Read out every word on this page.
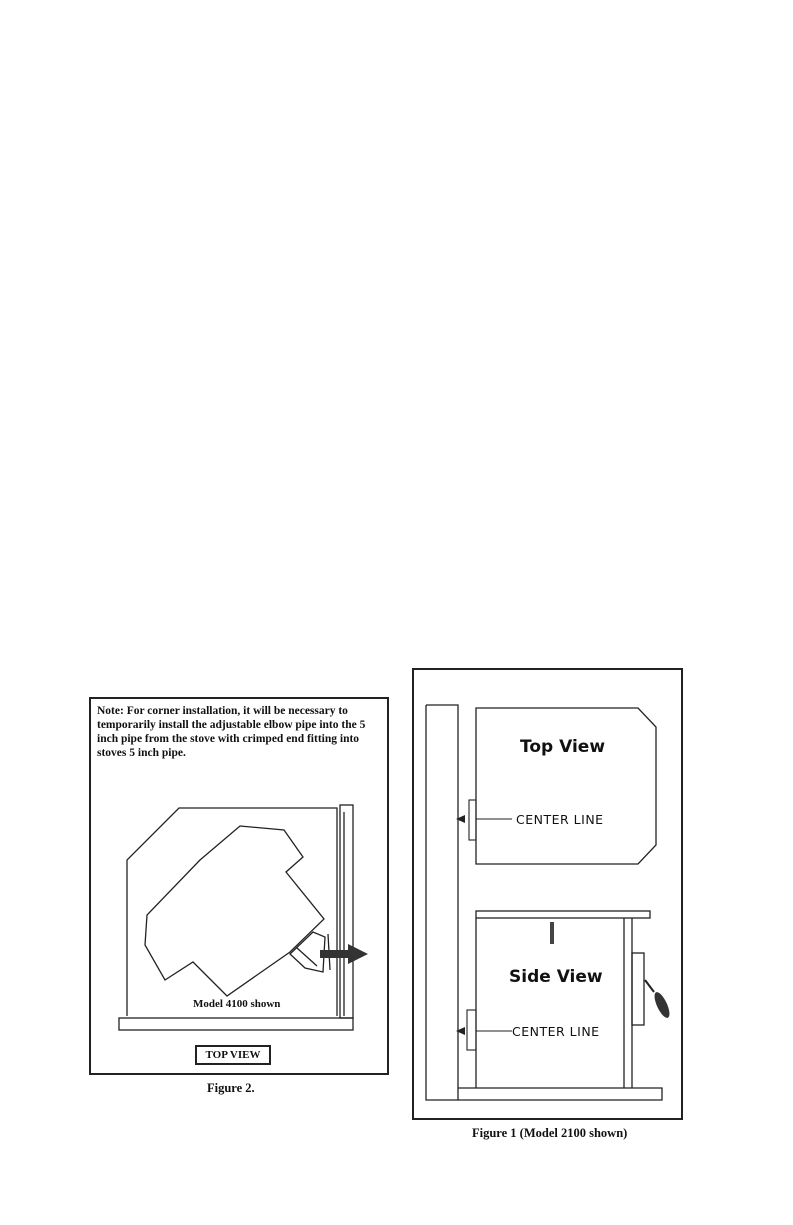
Note: For corner installation, it will be necessary to temporarily install the adjustable elbow pipe into the 5 inch pipe from the stove with crimped end fitting into stoves 5 inch pipe.
Model 4100 shown
TOP VIEW
Figure 2.
Top View
CENTER LINE
Side View
CENTER LINE
Figure 1 (Model 2100 shown)
